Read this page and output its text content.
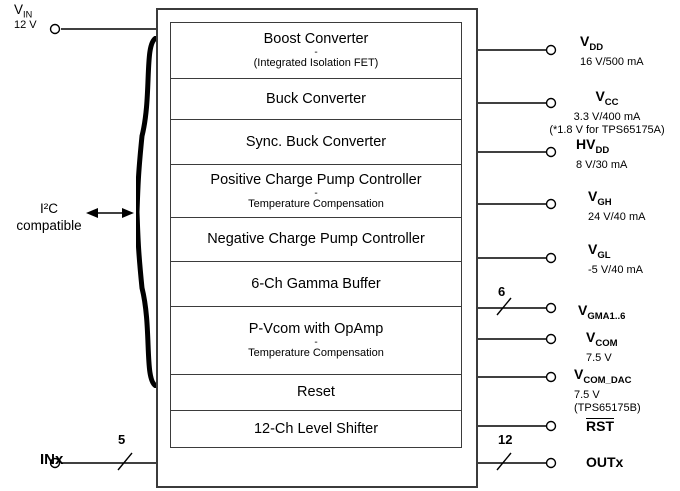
Boost Converter
-
(Integrated Isolation FET)
Buck Converter
Sync. Buck Converter
Positive Charge Pump Controller
-
Temperature Compensation
Negative Charge Pump Controller
6-Ch Gamma Buffer
P-Vcom with OpAmp
-
Temperature Compensation
Reset
12-Ch Level Shifter
$V_{IN}$
12 V
I²C
compatible
INx
5
$V_{DD}$
16 V/500 mA
$V_{CC}$
3.3 V/400 mA
(*1.8 V for TPS65175A)
$HV_{DD}$
8 V/30 mA
$V_{GH}$
24 V/40 mA
$V_{GL}$
-5 V/40 mA
$V_{GMA1..6}$
6
$V_{COM}$
7.5 V
$V_{COM\_DAC}$
7.5 V
(TPS65175B)
RST
OUTx
12
